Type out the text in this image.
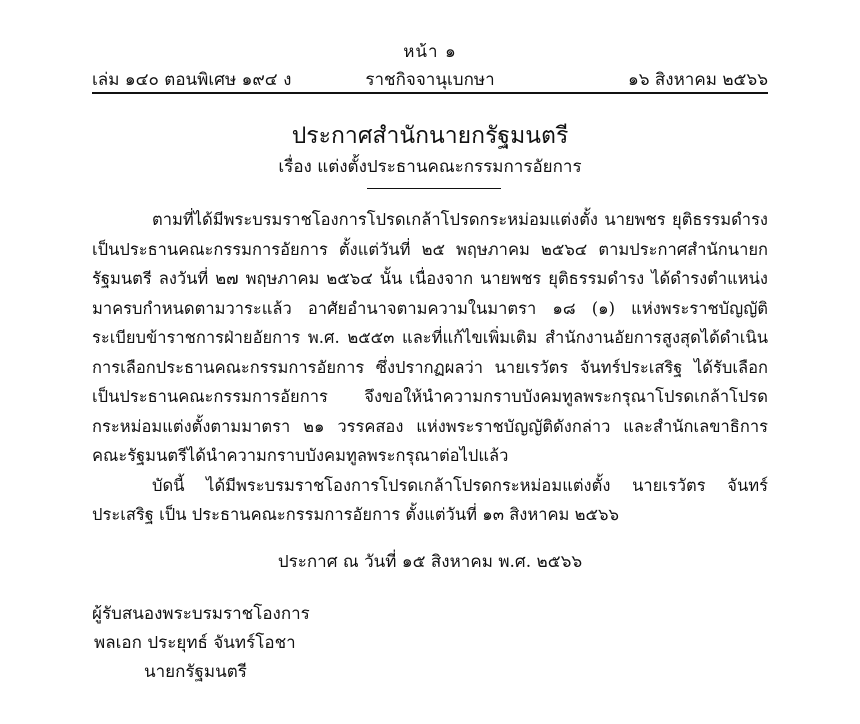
หน้า ๑
เล่ม ๑๔๐ ตอนพิเศษ ๑๙๔ ง	ราชกิจจานุเบกษา	๑๖ สิงหาคม ๒๕๖๖
ประกาศสำนักนายกรัฐมนตรี
เรื่อง แต่งตั้งประธานคณะกรรมการอัยการ

ตามที่ได้มีพระบรมราชโองการโปรดเกล้าโปรดกระหม่อมแต่งตั้ง นายพชร ยุติธรรมดำรง เป็นประธานคณะกรรมการอัยการ ตั้งแต่วันที่ ๒๕ พฤษภาคม ๒๕๖๔ ตามประกาศสำนักนายกรัฐมนตรี ลงวันที่ ๒๗ พฤษภาคม ๒๕๖๔ นั้น เนื่องจาก นายพชร ยุติธรรมดำรง ได้ดำรงตำแหน่งมาครบกำหนดตามวาระแล้ว อาศัยอำนาจตามความในมาตรา ๑๘ (๑) แห่งพระราชบัญญัติระเบียบข้าราชการฝ่ายอัยการ พ.ศ. ๒๕๕๓ และที่แก้ไขเพิ่มเติม สำนักงานอัยการสูงสุดได้ดำเนินการเลือกประธานคณะกรรมการอัยการ ซึ่งปรากฏผลว่า นายเรวัตร จันทร์ประเสริฐ ได้รับเลือกเป็นประธานคณะกรรมการอัยการ จึงขอให้นำความกราบบังคมทูลพระกรุณาโปรดเกล้าโปรดกระหม่อมแต่งตั้งตามมาตรา ๒๑ วรรคสอง แห่งพระราชบัญญัติดังกล่าว และสำนักเลขาธิการคณะรัฐมนตรีได้นำความกราบบังคมทูลพระกรุณาต่อไปแล้ว

บัดนี้ ได้มีพระบรมราชโองการโปรดเกล้าโปรดกระหม่อมแต่งตั้ง นายเรวัตร จันทร์ประเสริฐ เป็น ประธานคณะกรรมการอัยการ ตั้งแต่วันที่ ๑๓ สิงหาคม ๒๕๖๖

ประกาศ ณ วันที่ ๑๕ สิงหาคม พ.ศ. ๒๕๖๖
ผู้รับสนองพระบรมราชโองการ
พลเอก ประยุทธ์ จันทร์โอชา
นายกรัฐมนตรี
